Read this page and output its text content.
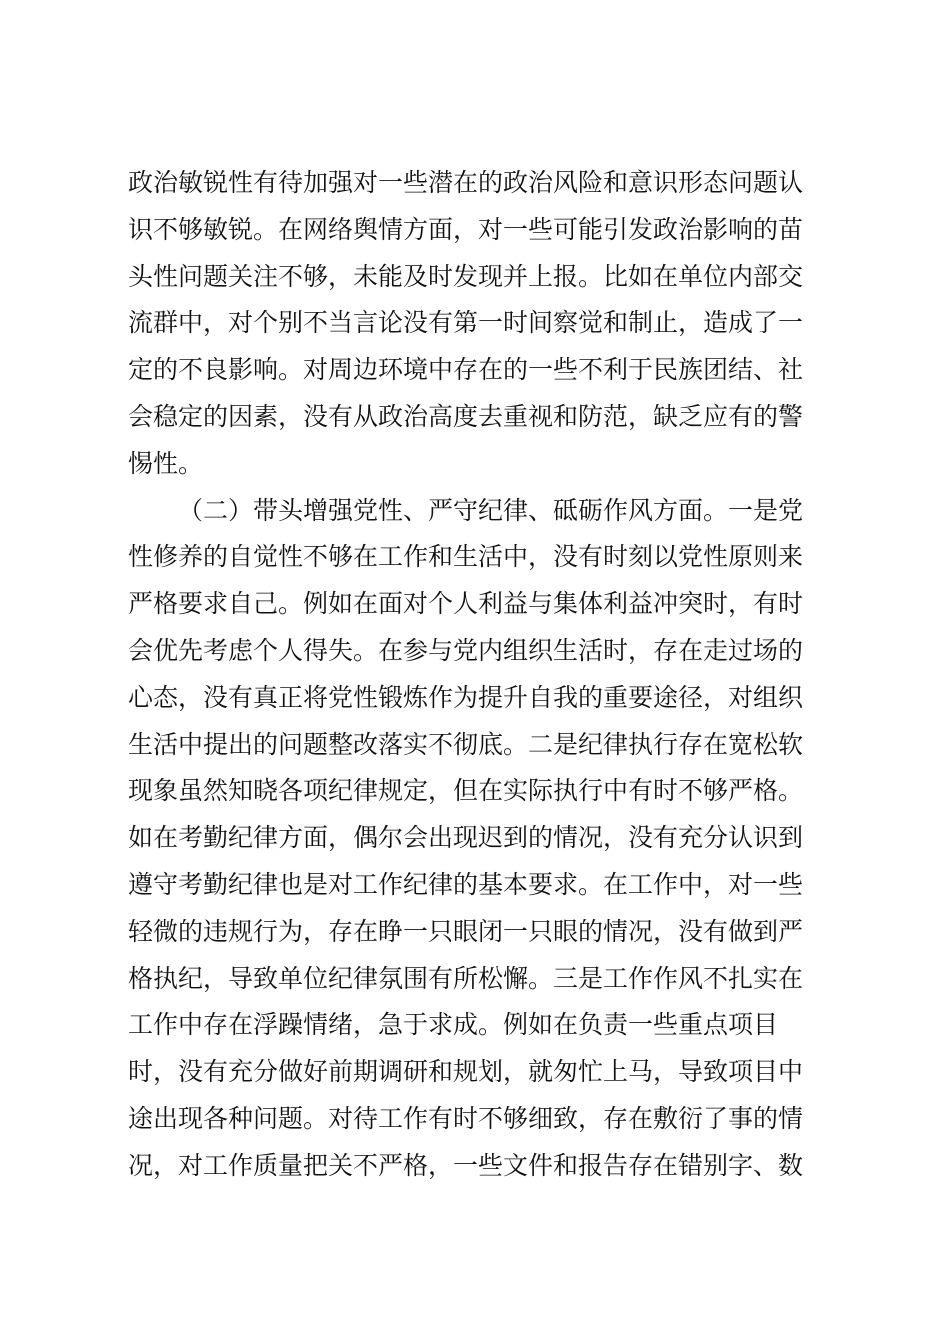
政治敏锐性有待加强对一些潜在的政治风险和意识形态问题认
识不够敏锐。在网络舆情方面，对一些可能引发政治影响的苗
头性问题关注不够，未能及时发现并上报。比如在单位内部交
流群中，对个别不当言论没有第一时间察觉和制止，造成了一
定的不良影响。对周边环境中存在的一些不利于民族团结、社
会稳定的因素，没有从政治高度去重视和防范，缺乏应有的警
惕性。
（二）带头增强党性、严守纪律、砥砺作风方面。一是党
性修养的自觉性不够在工作和生活中，没有时刻以党性原则来
严格要求自己。例如在面对个人利益与集体利益冲突时，有时
会优先考虑个人得失。在参与党内组织生活时，存在走过场的
心态，没有真正将党性锻炼作为提升自我的重要途径，对组织
生活中提出的问题整改落实不彻底。二是纪律执行存在宽松软
现象虽然知晓各项纪律规定，但在实际执行中有时不够严格。
如在考勤纪律方面，偶尔会出现迟到的情况，没有充分认识到
遵守考勤纪律也是对工作纪律的基本要求。在工作中，对一些
轻微的违规行为，存在睁一只眼闭一只眼的情况，没有做到严
格执纪，导致单位纪律氛围有所松懈。三是工作作风不扎实在
工作中存在浮躁情绪，急于求成。例如在负责一些重点项目
时，没有充分做好前期调研和规划，就匆忙上马，导致项目中
途出现各种问题。对待工作有时不够细致，存在敷衍了事的情
况，对工作质量把关不严格，一些文件和报告存在错别字、数
